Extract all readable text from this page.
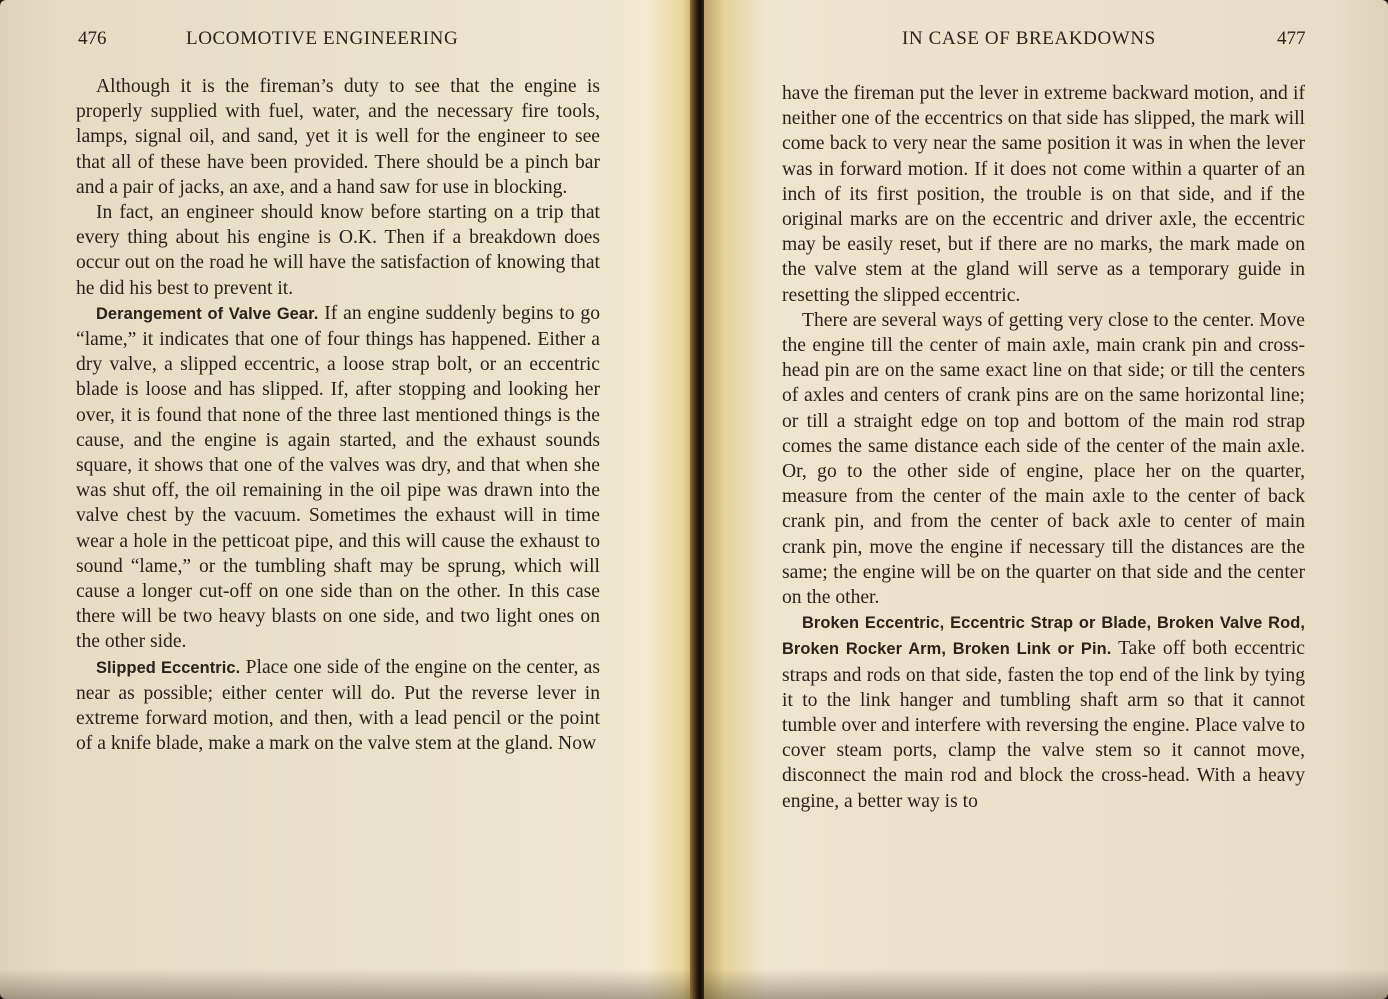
476	LOCOMOTIVE ENGINEERING

Although it is the fireman’s duty to see that the engine is properly supplied with fuel, water, and the necessary fire tools, lamps, signal oil, and sand, yet it is well for the engineer to see that all of these have been provided. There should be a pinch bar and a pair of jacks, an axe, and a hand saw for use in blocking.

In fact, an engineer should know before starting on a trip that every thing about his engine is O.K. Then if a breakdown does occur out on the road he will have the satisfaction of knowing that he did his best to prevent it.

Derangement of Valve Gear. If an engine suddenly begins to go “lame,” it indicates that one of four things has happened. Either a dry valve, a slipped eccentric, a loose strap bolt, or an eccentric blade is loose and has slipped. If, after stopping and looking her over, it is found that none of the three last mentioned things is the cause, and the engine is again started, and the exhaust sounds square, it shows that one of the valves was dry, and that when she was shut off, the oil remaining in the oil pipe was drawn into the valve chest by the vacuum. Sometimes the exhaust will in time wear a hole in the petticoat pipe, and this will cause the exhaust to sound “lame,” or the tumbling shaft may be sprung, which will cause a longer cut-off on one side than on the other. In this case there will be two heavy blasts on one side, and two light ones on the other side.

Slipped Eccentric. Place one side of the engine on the center, as near as possible; either center will do. Put the reverse lever in extreme forward motion, and then, with a lead pencil or the point of a knife blade, make a mark on the valve stem at the gland. Now

IN CASE OF BREAKDOWNS	477

have the fireman put the lever in extreme backward motion, and if neither one of the eccentrics on that side has slipped, the mark will come back to very near the same position it was in when the lever was in forward motion. If it does not come within a quarter of an inch of its first position, the trouble is on that side, and if the original marks are on the eccentric and driver axle, the eccentric may be easily reset, but if there are no marks, the mark made on the valve stem at the gland will serve as a temporary guide in resetting the slipped eccentric.

There are several ways of getting very close to the center. Move the engine till the center of main axle, main crank pin and cross-head pin are on the same exact line on that side; or till the centers of axles and centers of crank pins are on the same horizontal line; or till a straight edge on top and bottom of the main rod strap comes the same distance each side of the center of the main axle. Or, go to the other side of engine, place her on the quarter, measure from the center of the main axle to the center of back crank pin, and from the center of back axle to center of main crank pin, move the engine if necessary till the distances are the same; the engine will be on the quarter on that side and the center on the other.

Broken Eccentric, Eccentric Strap or Blade, Broken Valve Rod, Broken Rocker Arm, Broken Link or Pin. Take off both eccentric straps and rods on that side, fasten the top end of the link by tying it to the link hanger and tumbling shaft arm so that it cannot tumble over and interfere with reversing the engine. Place valve to cover steam ports, clamp the valve stem so it cannot move, disconnect the main rod and block the cross-head. With a heavy engine, a better way is to
